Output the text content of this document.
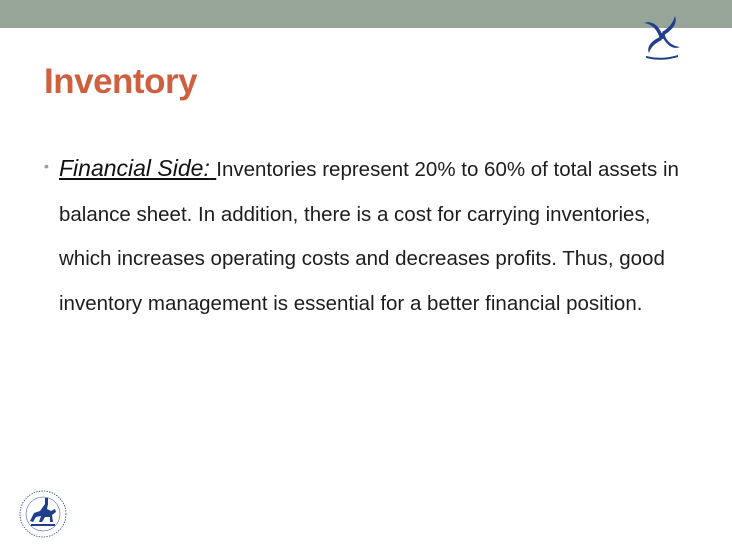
Inventory
• Financial Side: Inventories represent 20% to 60% of total assets in balance sheet. In addition, there is a cost for carrying inventories, which increases operating costs and decreases profits. Thus, good inventory management is essential for a better financial position.
